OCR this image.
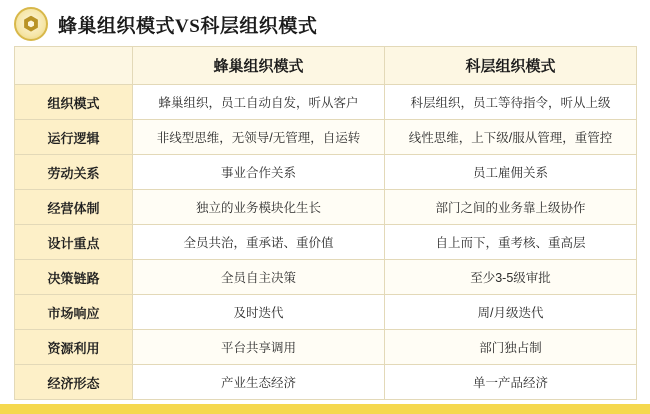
蜂巢组织模式VS科层组织模式
	蜂巢组织模式	科层组织模式
组织模式	蜂巢组织，员工自动自发，听从客户	科层组织，员工等待指令，听从上级
运行逻辑	非线型思维，无领导/无管理，自运转	线性思维，上下级/服从管理，重管控
劳动关系	事业合作关系	员工雇佣关系
经营体制	独立的业务模块化生长	部门之间的业务靠上级协作
设计重点	全员共治，重承诺、重价值	自上而下，重考核、重高层
决策链路	全员自主决策	至少3-5级审批
市场响应	及时迭代	周/月级迭代
资源利用	平台共享调用	部门独占制
经济形态	产业生态经济	单一产品经济
